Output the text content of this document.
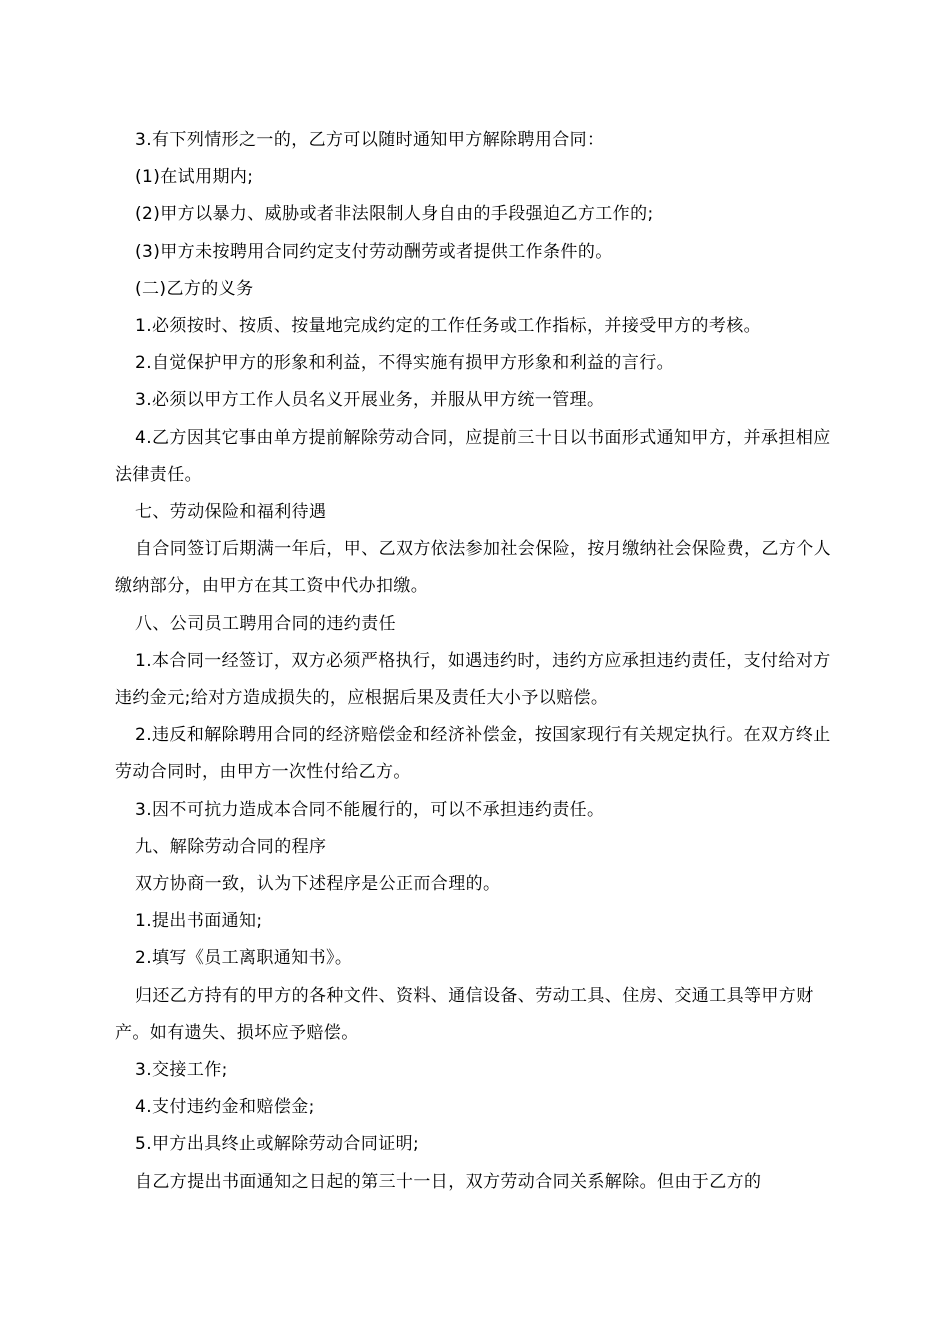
3.有下列情形之一的，乙方可以随时通知甲方解除聘用合同：

(1)在试用期内;

(2)甲方以暴力、威胁或者非法限制人身自由的手段强迫乙方工作的;

(3)甲方未按聘用合同约定支付劳动酬劳或者提供工作条件的。

(二)乙方的义务

1.必须按时、按质、按量地完成约定的工作任务或工作指标，并接受甲方的考核。

2.自觉保护甲方的形象和利益，不得实施有损甲方形象和利益的言行。

3.必须以甲方工作人员名义开展业务，并服从甲方统一管理。

4.乙方因其它事由单方提前解除劳动合同，应提前三十日以书面形式通知甲方，并承担相应法律责任。

七、劳动保险和福利待遇

自合同签订后期满一年后，甲、乙双方依法参加社会保险，按月缴纳社会保险费，乙方个人缴纳部分，由甲方在其工资中代办扣缴。

八、公司员工聘用合同的违约责任

1.本合同一经签订，双方必须严格执行，如遇违约时，违约方应承担违约责任，支付给对方违约金元;给对方造成损失的，应根据后果及责任大小予以赔偿。

2.违反和解除聘用合同的经济赔偿金和经济补偿金，按国家现行有关规定执行。在双方终止劳动合同时，由甲方一次性付给乙方。

3.因不可抗力造成本合同不能履行的，可以不承担违约责任。

九、解除劳动合同的程序

双方协商一致，认为下述程序是公正而合理的。

1.提出书面通知;

2.填写《员工离职通知书》。

归还乙方持有的甲方的各种文件、资料、通信设备、劳动工具、住房、交通工具等甲方财产。如有遗失、损坏应予赔偿。

3.交接工作;

4.支付违约金和赔偿金;

5.甲方出具终止或解除劳动合同证明;

自乙方提出书面通知之日起的第三十一日，双方劳动合同关系解除。但由于乙方的
